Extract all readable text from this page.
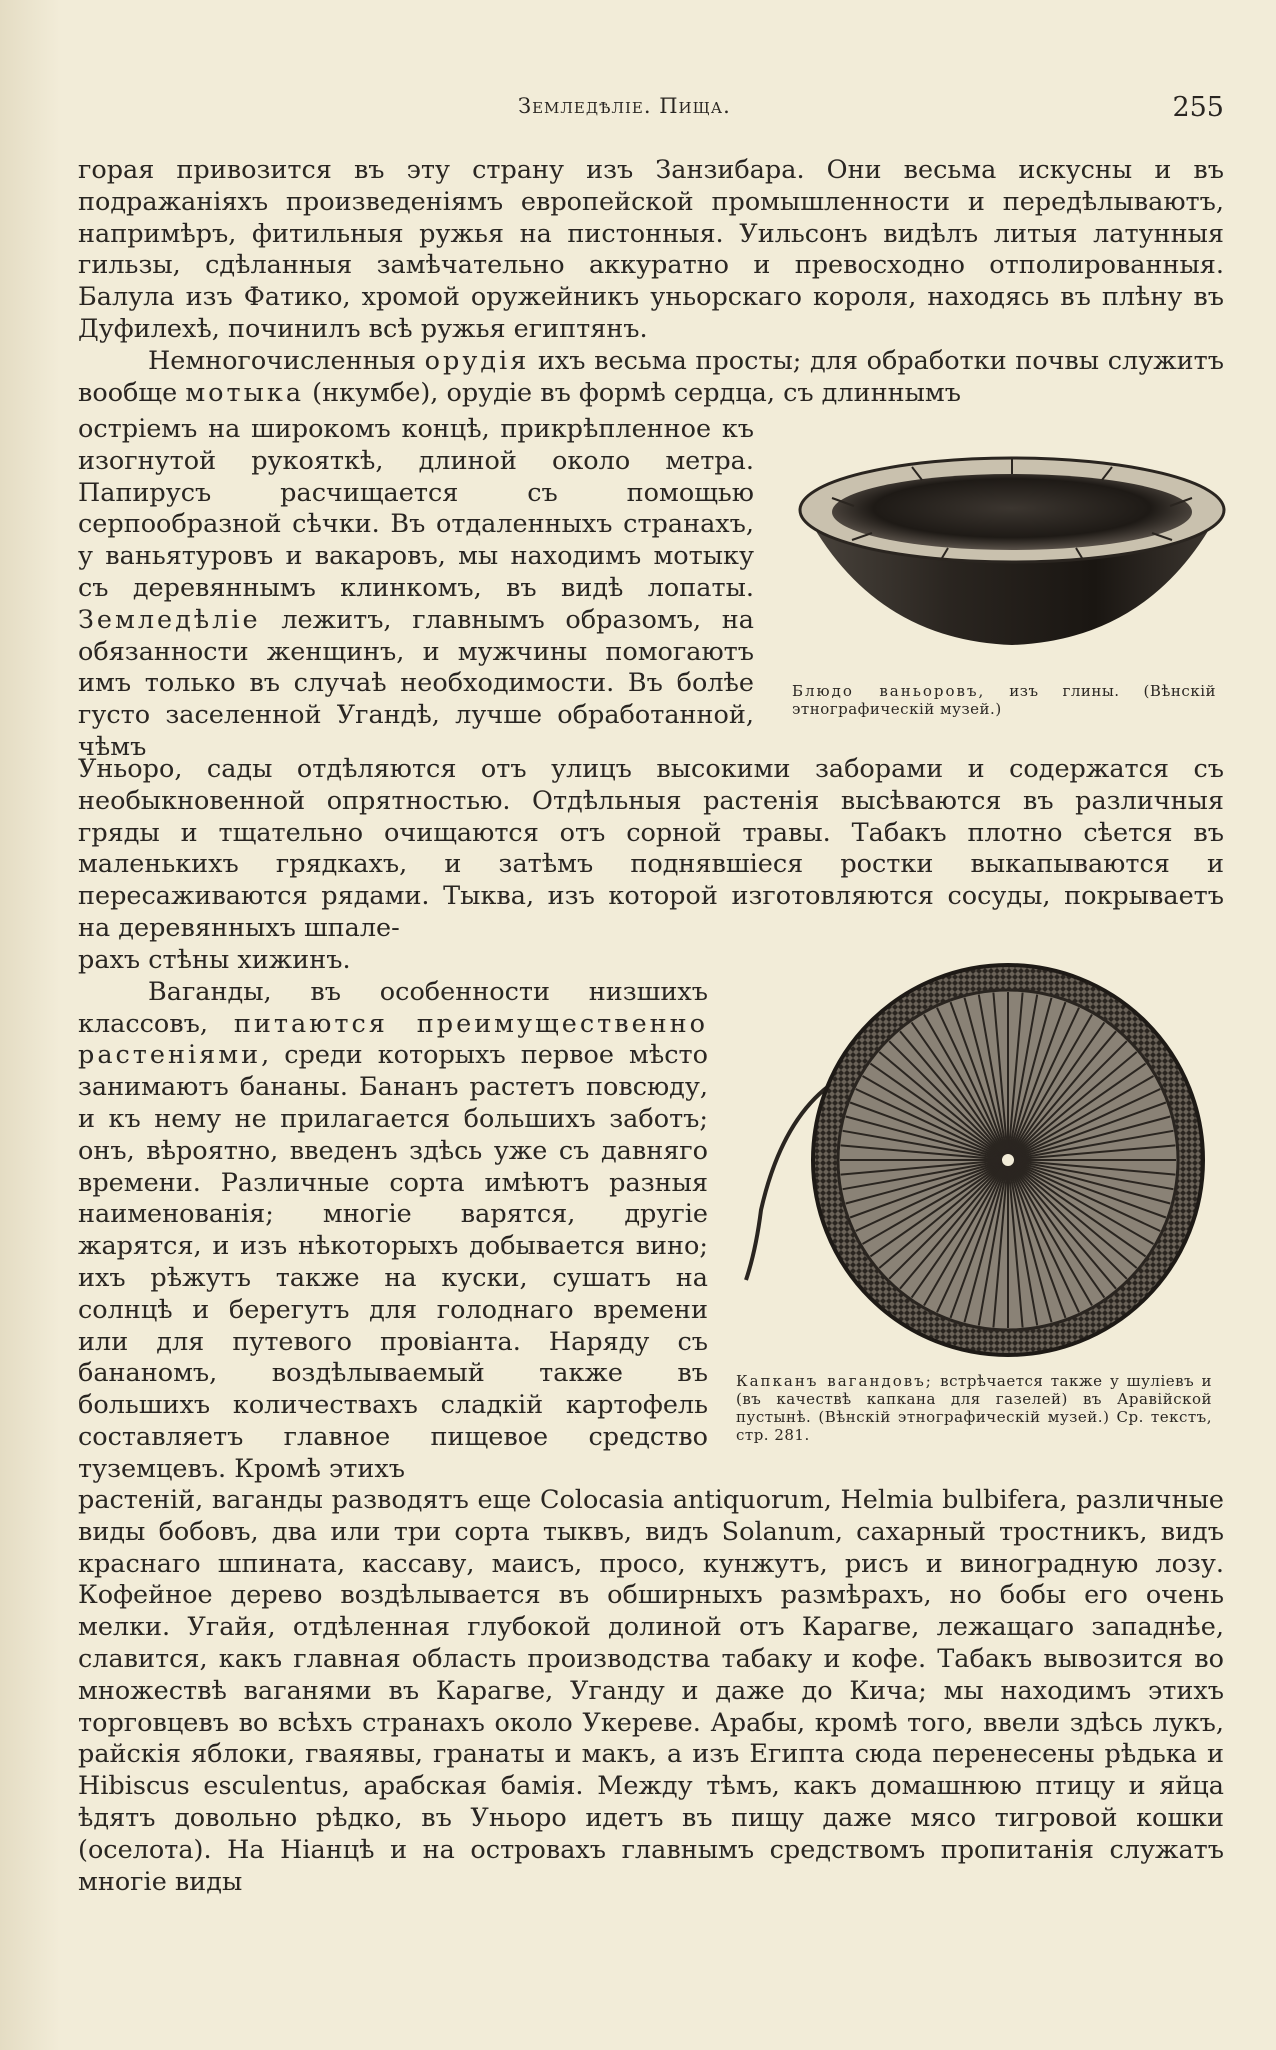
Земледѣліе. Пища.	255

горая привозится въ эту страну изъ Занзибара. Они весьма искусны и въ подражаніяхъ произведеніямъ европейской промышленности и передѣлываютъ, напримѣръ, фитильныя ружья на пистонныя. Уильсонъ видѣлъ литыя латунныя гильзы, сдѣланныя замѣчательно аккуратно и превосходно отполированныя. Балула изъ Фатико, хромой оружейникъ уньорскаго короля, находясь въ плѣну въ Дуфилехѣ, починилъ всѣ ружья египтянъ.

Немногочисленныя орудія ихъ весьма просты; для обработки почвы служитъ вообще мотыка (нкумбе), орудіе въ формѣ сердца, съ длиннымъ

остріемъ на широкомъ концѣ, прикрѣпленное къ изогнутой рукояткѣ, длиной около метра. Папирусъ расчищается съ помощью серпообразной сѣчки. Въ отдаленныхъ странахъ, у ваньятуровъ и вакаровъ, мы находимъ мотыку съ деревяннымъ клинкомъ, въ видѣ лопаты. Земледѣліе лежитъ, главнымъ образомъ, на обязанности женщинъ, и мужчины помогаютъ имъ только въ случаѣ необходимости. Въ болѣе густо заселенной Угандѣ, лучше обработанной, чѣмъ

Блюдо ваньоровъ, изъ глины. (Вѣнскій этнографическій музей.)

Уньоро, сады отдѣляются отъ улицъ высокими заборами и содержатся съ необыкновенной опрятностью. Отдѣльныя растенія высѣваются въ различныя гряды и тщательно очищаются отъ сорной травы. Табакъ плотно сѣется въ маленькихъ грядкахъ, и затѣмъ поднявшіеся ростки выкапываются и пересаживаются рядами. Тыква, изъ которой изготовляются сосуды, покрываетъ на деревянныхъ шпале-

рахъ стѣны хижинъ.

Ваганды, въ особенности низшихъ классовъ, питаются преимущественно растеніями, среди которыхъ первое мѣсто занимаютъ бананы. Бананъ растетъ повсюду, и къ нему не прилагается большихъ заботъ; онъ, вѣроятно, введенъ здѣсь уже съ давняго времени. Различные сорта имѣютъ разныя наименованія; многіе варятся, другіе жарятся, и изъ нѣкоторыхъ добывается вино; ихъ рѣжутъ также на куски, сушатъ на солнцѣ и берегутъ для голоднаго времени или для путевого провіанта. Наряду съ бананомъ, воздѣлываемый также въ большихъ количествахъ сладкій картофель составляетъ главное пищевое средство туземцевъ. Кромѣ этихъ

Капканъ вагандовъ; встрѣчается также у шуліевъ и (въ качествѣ капкана для газелей) въ Аравійской пустынѣ. (Вѣнскій этнографическій музей.) Ср. текстъ, стр. 281.

растеній, ваганды разводятъ еще Colocasia antiquorum, Helmia bulbifera, различные виды бобовъ, два или три сорта тыквъ, видъ Solanum, сахарный тростникъ, видъ краснаго шпината, кассаву, маисъ, просо, кунжутъ, рисъ и виноградную лозу. Кофейное дерево воздѣлывается въ обширныхъ размѣрахъ, но бобы его очень мелки. Угайя, отдѣленная глубокой долиной отъ Карагве, лежащаго западнѣе, славится, какъ главная область производства табаку и кофе. Табакъ вывозится во множествѣ ваганями въ Карагве, Уганду и даже до Кича; мы находимъ этихъ торговцевъ во всѣхъ странахъ около Укереве. Арабы, кромѣ того, ввели здѣсь лукъ, райскія яблоки, гваяявы, гранаты и макъ, а изъ Египта сюда перенесены рѣдька и Hibiscus esculentus, арабская бамія. Между тѣмъ, какъ домашнюю птицу и яйца ѣдятъ довольно рѣдко, въ Уньоро идетъ въ пищу даже мясо тигровой кошки (оселота). На Ніанцѣ и на островахъ главнымъ средствомъ пропитанія служатъ многіе виды
